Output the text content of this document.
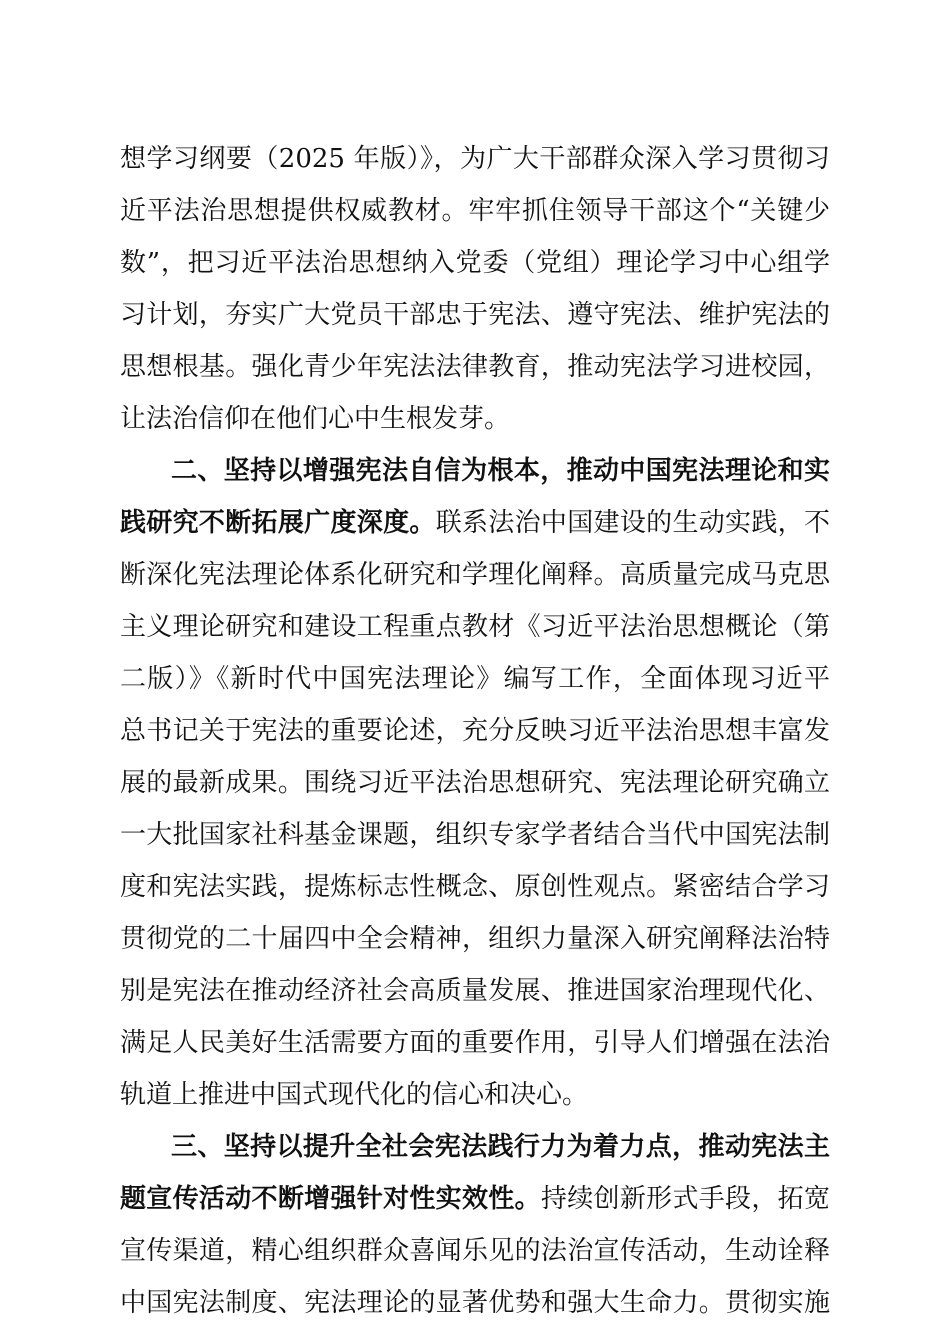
想学习纲要（2025 年版）》，为广大干部群众深入学习贯彻习
近平法治思想提供权威教材。牢牢抓住领导干部这个“关键少
数”，把习近平法治思想纳入党委（党组）理论学习中心组学
习计划，夯实广大党员干部忠于宪法、遵守宪法、维护宪法的
思想根基。强化青少年宪法法律教育，推动宪法学习进校园，
让法治信仰在他们心中生根发芽。
二、坚持以增强宪法自信为根本，推动中国宪法理论和实
践研究不断拓展广度深度。联系法治中国建设的生动实践，不
断深化宪法理论体系化研究和学理化阐释。高质量完成马克思
主义理论研究和建设工程重点教材《习近平法治思想概论（第
二版）》《新时代中国宪法理论》编写工作，全面体现习近平
总书记关于宪法的重要论述，充分反映习近平法治思想丰富发
展的最新成果。围绕习近平法治思想研究、宪法理论研究确立
一大批国家社科基金课题，组织专家学者结合当代中国宪法制
度和宪法实践，提炼标志性概念、原创性观点。紧密结合学习
贯彻党的二十届四中全会精神，组织力量深入研究阐释法治特
别是宪法在推动经济社会高质量发展、推进国家治理现代化、
满足人民美好生活需要方面的重要作用，引导人们增强在法治
轨道上推进中国式现代化的信心和决心。
三、坚持以提升全社会宪法践行力为着力点，推动宪法主
题宣传活动不断增强针对性实效性。持续创新形式手段，拓宽
宣传渠道，精心组织群众喜闻乐见的法治宣传活动，生动诠释
中国宪法制度、宪法理论的显著优势和强大生命力。贯彻实施
